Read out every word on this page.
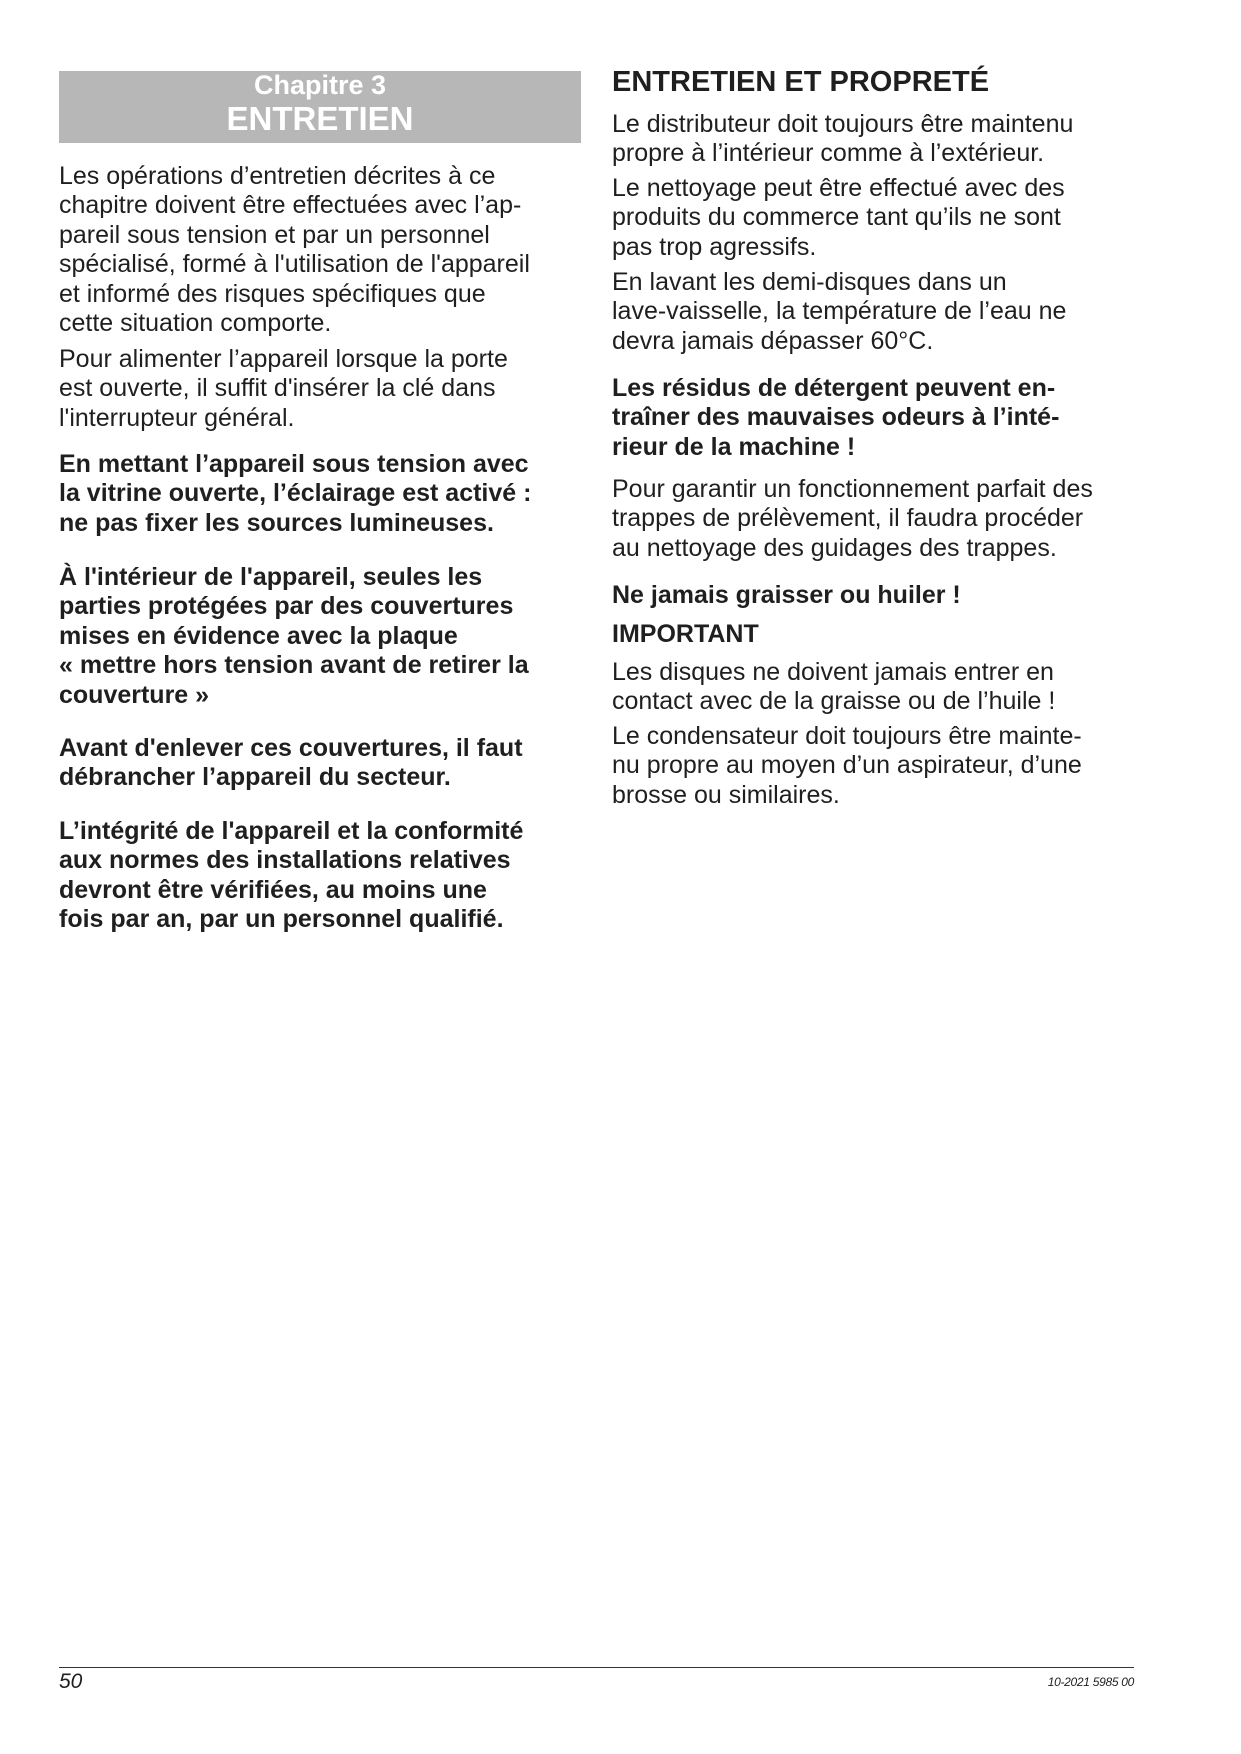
Chapitre 3
ENTRETIEN

Les opérations d’entretien décrites à ce
chapitre doivent être effectuées avec l’ap-
pareil sous tension et par un personnel
spécialisé, formé à l'utilisation de l'appareil
et informé des risques spécifiques que
cette situation comporte.

Pour alimenter l’appareil lorsque la porte
est ouverte, il suffit d'insérer la clé dans
l'interrupteur général.

En mettant l’appareil sous tension avec
la vitrine ouverte, l’éclairage est activé :
ne pas fixer les sources lumineuses.

À l'intérieur de l'appareil, seules les
parties protégées par des couvertures
mises en évidence avec la plaque
« mettre hors tension avant de retirer la
couverture »

Avant d'enlever ces couvertures, il faut
débrancher l’appareil du secteur.

L’intégrité de l'appareil et la conformité
aux normes des installations relatives
devront être vérifiées, au moins une
fois par an, par un personnel qualifié.

ENTRETIEN ET PROPRETÉ

Le distributeur doit toujours être maintenu
propre à l’intérieur comme à l’extérieur.

Le nettoyage peut être effectué avec des
produits du commerce tant qu’ils ne sont
pas trop agressifs.

En lavant les demi-disques dans un
lave-vaisselle, la température de l’eau ne
devra jamais dépasser 60°C.

Les résidus de détergent peuvent en-
traîner des mauvaises odeurs à l’inté-
rieur de la machine !

Pour garantir un fonctionnement parfait des
trappes de prélèvement, il faudra procéder
au nettoyage des guidages des trappes.

Ne jamais graisser ou huiler !

IMPORTANT

Les disques ne doivent jamais entrer en
contact avec de la graisse ou de l’huile !

Le condensateur doit toujours être mainte-
nu propre au moyen d’un aspirateur, d’une
brosse ou similaires.

50	10-2021 5985 00
